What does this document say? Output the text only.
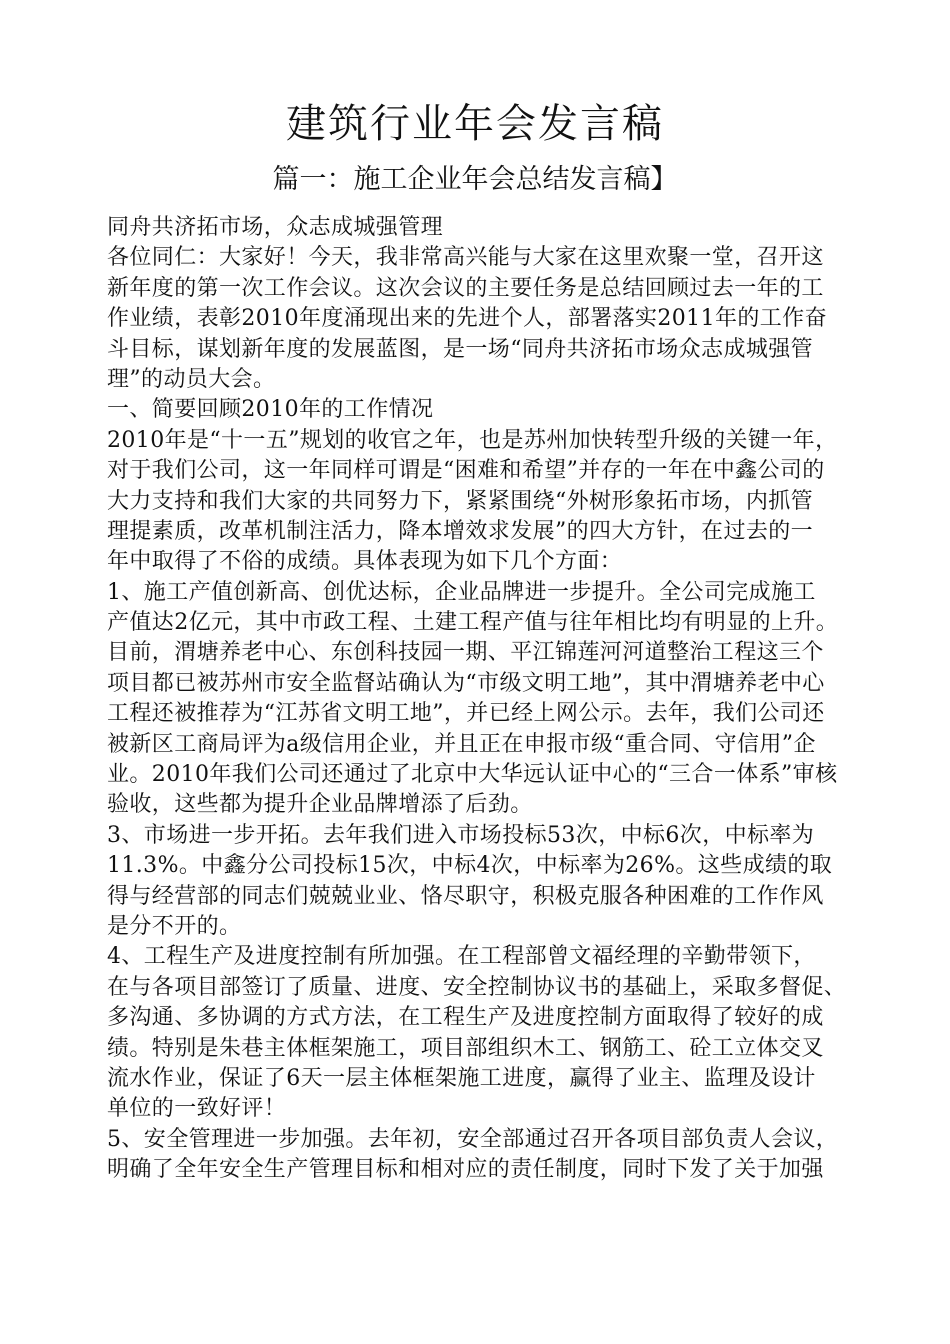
建筑行业年会发言稿
篇一：施工企业年会总结发言稿】
同舟共济拓市场，众志成城强管理
各位同仁：大家好！今天，我非常高兴能与大家在这里欢聚一堂，召开这
新年度的第一次工作会议。这次会议的主要任务是总结回顾过去一年的工
作业绩，表彰2010年度涌现出来的先进个人，部署落实2011年的工作奋
斗目标，谋划新年度的发展蓝图，是一场“同舟共济拓市场众志成城强管
理”的动员大会。
一、简要回顾2010年的工作情况
2010年是“十一五”规划的收官之年，也是苏州加快转型升级的关键一年，
对于我们公司，这一年同样可谓是“困难和希望”并存的一年在中鑫公司的
大力支持和我们大家的共同努力下，紧紧围绕“外树形象拓市场，内抓管
理提素质，改革机制注活力，降本增效求发展”的四大方针，在过去的一
年中取得了不俗的成绩。具体表现为如下几个方面：
1、施工产值创新高、创优达标，企业品牌进一步提升。全公司完成施工
产值达2亿元，其中市政工程、土建工程产值与往年相比均有明显的上升。
目前，渭塘养老中心、东创科技园一期、平江锦莲河河道整治工程这三个
项目都已被苏州市安全监督站确认为“市级文明工地”，其中渭塘养老中心
工程还被推荐为“江苏省文明工地”，并已经上网公示。去年，我们公司还
被新区工商局评为a级信用企业，并且正在申报市级“重合同、守信用”企
业。2010年我们公司还通过了北京中大华远认证中心的“三合一体系”审核
验收，这些都为提升企业品牌增添了后劲。
3、市场进一步开拓。去年我们进入市场投标53次，中标6次，中标率为
11.3%。中鑫分公司投标15次，中标4次，中标率为26%。这些成绩的取
得与经营部的同志们兢兢业业、恪尽职守，积极克服各种困难的工作作风
是分不开的。
4、工程生产及进度控制有所加强。在工程部曾文福经理的辛勤带领下，
在与各项目部签订了质量、进度、安全控制协议书的基础上，采取多督促、
多沟通、多协调的方式方法，在工程生产及进度控制方面取得了较好的成
绩。特别是朱巷主体框架施工，项目部组织木工、钢筋工、砼工立体交叉
流水作业，保证了6天一层主体框架施工进度，赢得了业主、监理及设计
单位的一致好评！
5、安全管理进一步加强。去年初，安全部通过召开各项目部负责人会议，
明确了全年安全生产管理目标和相对应的责任制度，同时下发了关于加强
